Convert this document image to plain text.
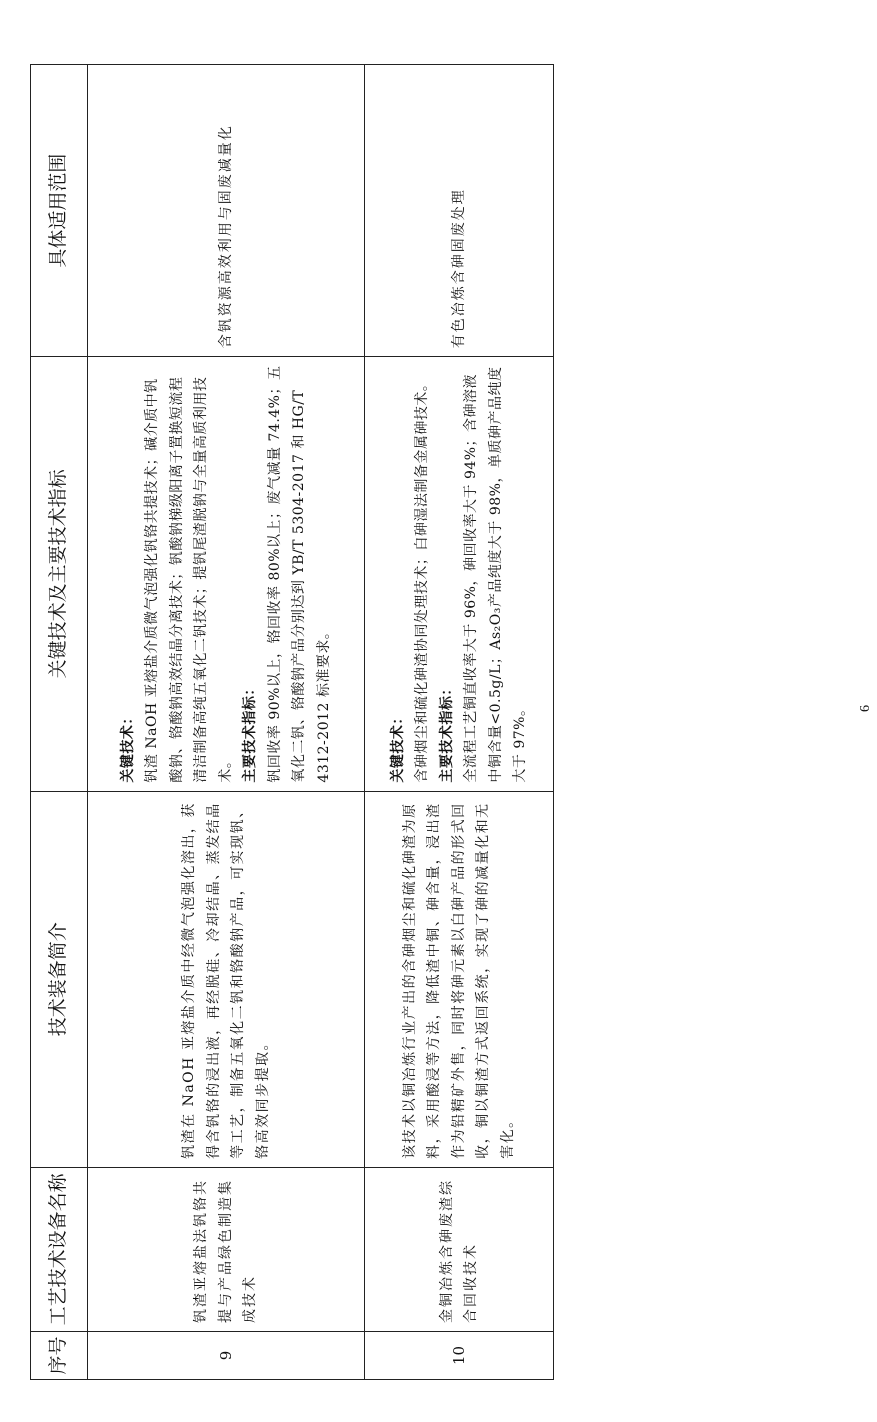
序号	工艺技术设备名称	技术装备简介	关键技术及主要技术指标	具体适用范围
9	钒渣亚熔盐法钒铬共提与产品绿色制造集成技术	钒渣在 NaOH 亚熔盐介质中经微气泡强化溶出，获得含钒铬的浸出液，再经脱硅、冷却结晶、蒸发结晶等工艺，制备五氧化二钒和铬酸钠产品，可实现钒、铬高效同步提取。	关键技术： 钒渣 NaOH 亚熔盐介质微气泡强化钒铬共提技术；碱介质中钒酸钠、铬酸钠高效结晶分离技术；钒酸钠梯级阳离子置换短流程清洁制备高纯五氧化二钒技术；提钒尾渣脱钠与全量高质利用技术。 主要技术指标： 钒回收率 90%以上，铬回收率 80%以上；废气减量 74.4%；五氧化二钒、铬酸钠产品分别达到 YB/T 5304-2017 和 HG/T 4312-2012 标准要求。	含钒资源高效利用与固废减量化
10	金铜冶炼含砷废渣综合回收技术	该技术以铜冶炼行业产出的含砷烟尘和硫化砷渣为原料，采用酸浸等方法，降低渣中铜、砷含量，浸出渣作为铅精矿外售，同时将砷元素以白砷产品的形式回收，铜以铜渣方式返回系统，实现了砷的减量化和无害化。	关键技术： 含砷烟尘和硫化砷渣协同处理技术；白砷湿法制备金属砷技术。 主要技术指标： 全流程工艺铜直收率大于 96%，砷回收率大于 94%；含砷溶液中铜含量<0.5g/L；As₂O₃产品纯度大于 98%，单质砷产品纯度大于 97%。	有色冶炼含砷固废处理
6
